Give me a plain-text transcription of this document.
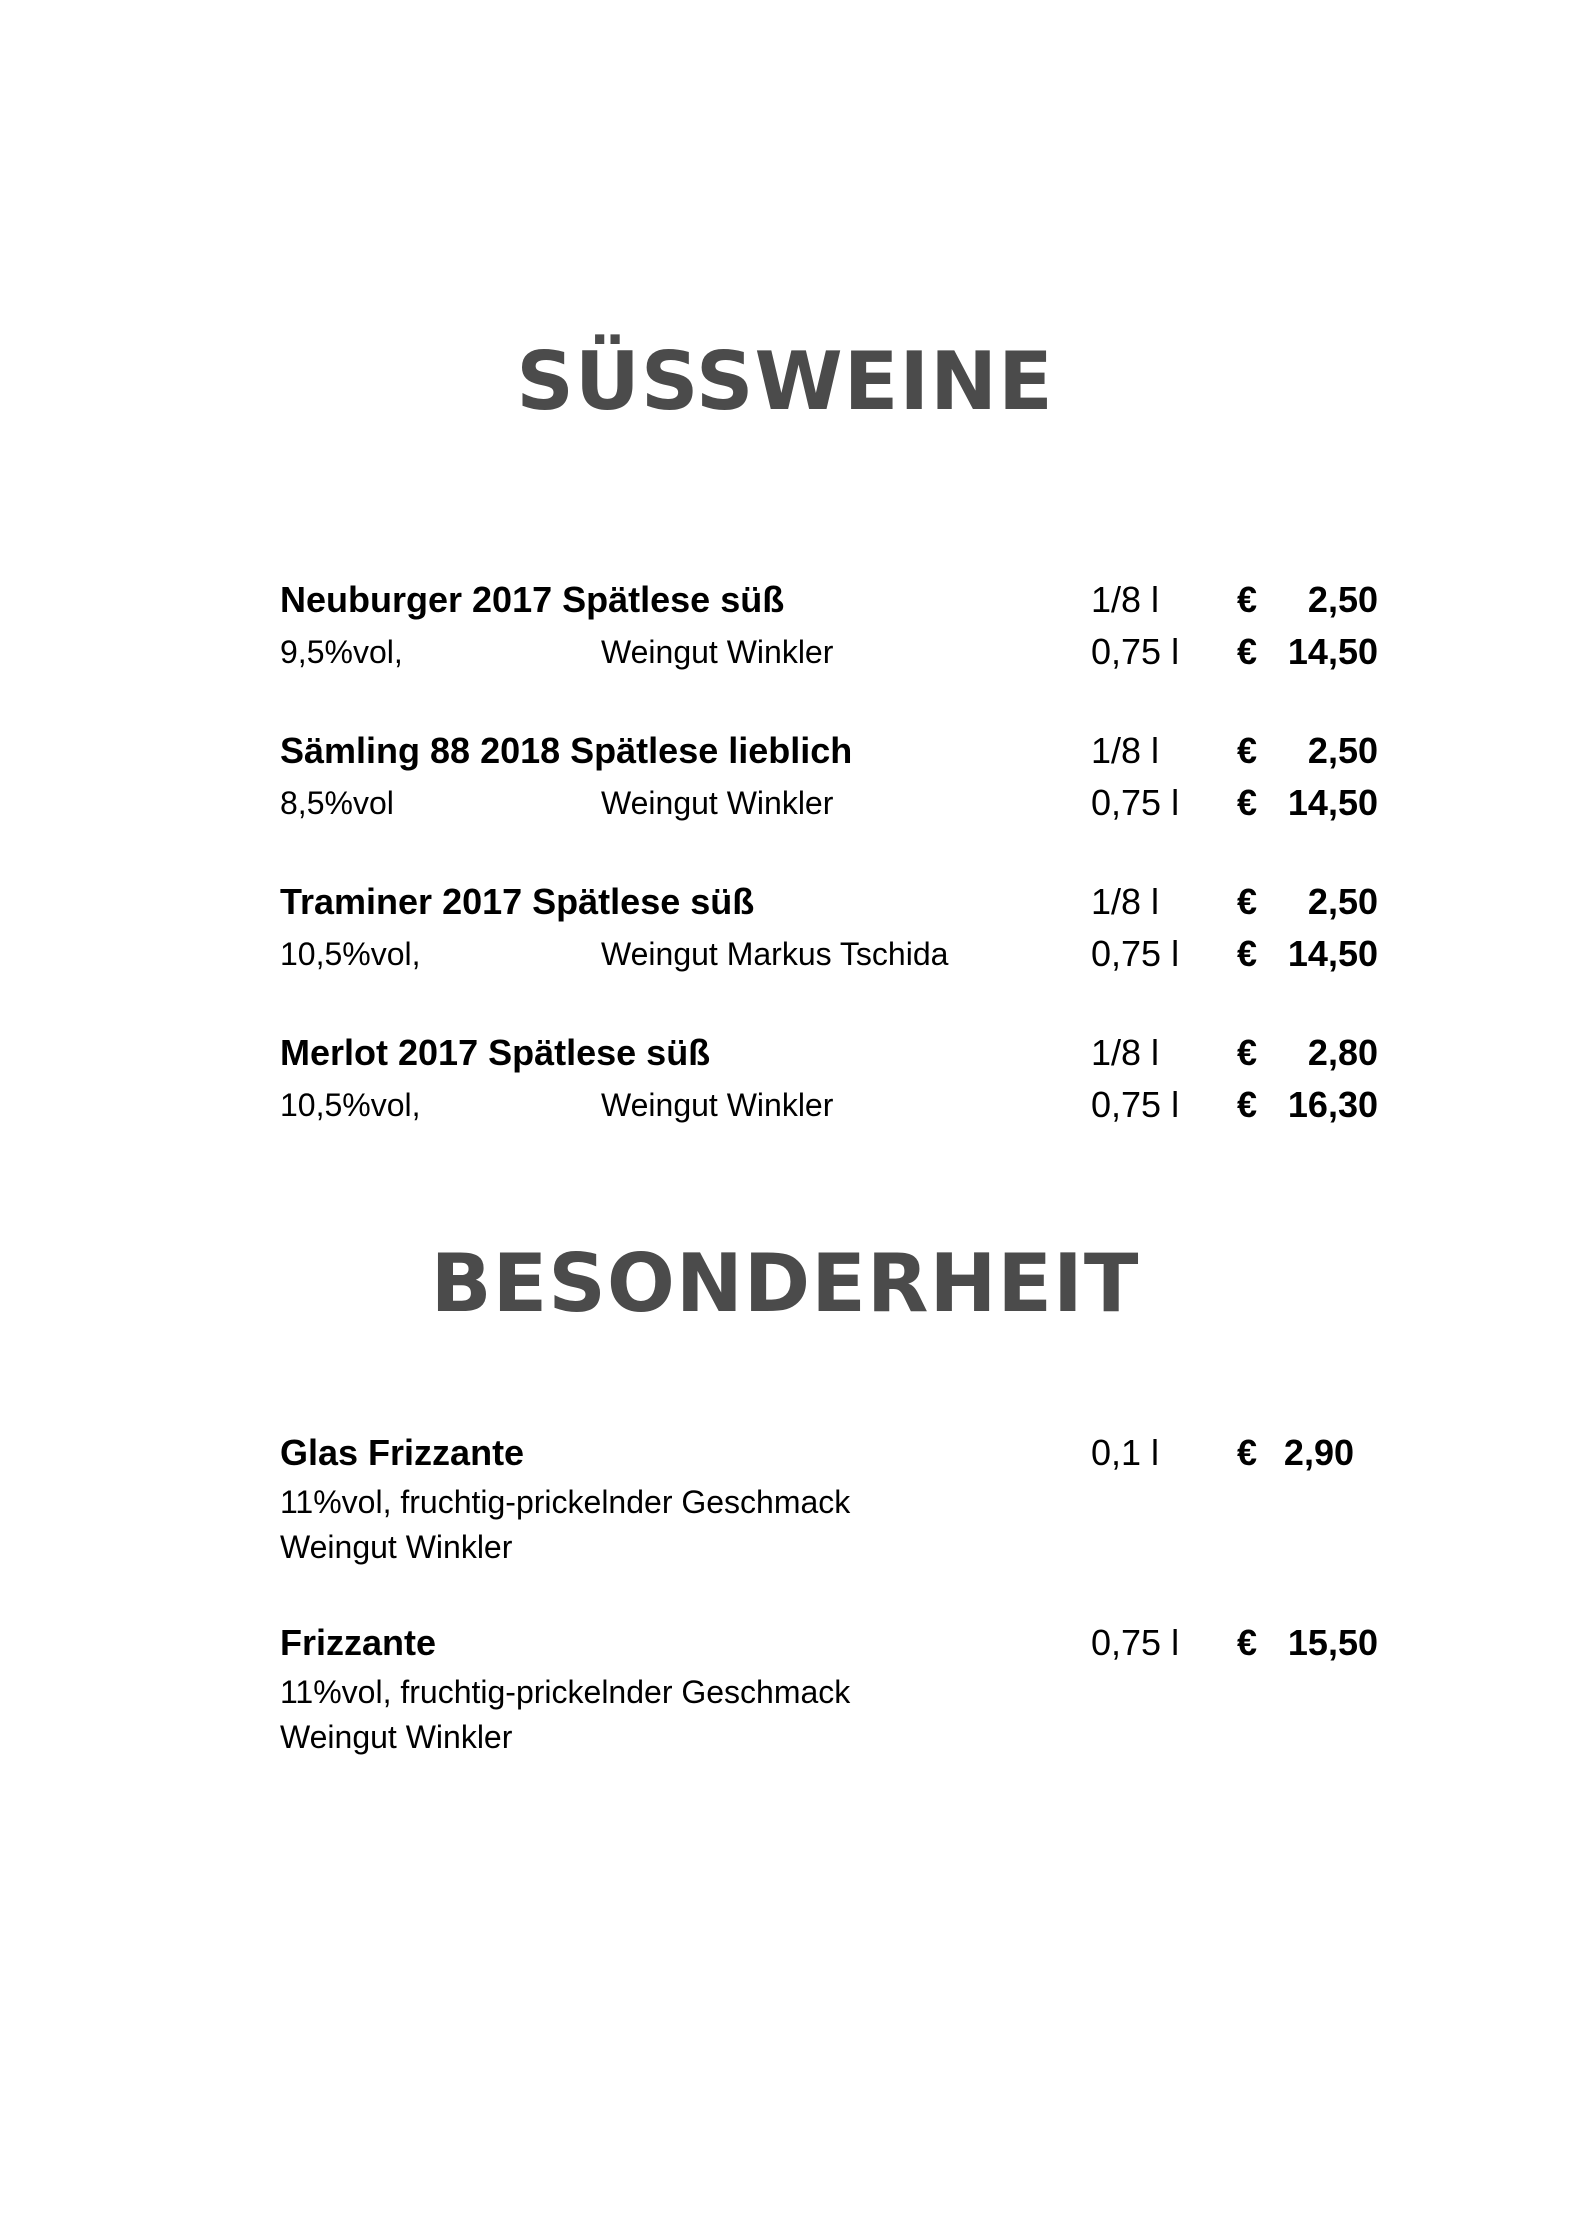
SÜSSWEINE
Neuburger 2017 Spätlese süß	1/8 l € 2,50
9,5%vol,	Weingut Winkler	0,75 l € 14,50
Sämling 88 2018 Spätlese lieblich	1/8 l € 2,50
8,5%vol	Weingut Winkler	0,75 l € 14,50
Traminer 2017 Spätlese süß	1/8 l € 2,50
10,5%vol,	Weingut Markus Tschida	0,75 l € 14,50
Merlot 2017 Spätlese süß	1/8 l € 2,80
10,5%vol,	Weingut Winkler	0,75 l € 16,30
BESONDERHEIT
Glas Frizzante	0,1 l € 2,90
11%vol, fruchtig-prickelnder Geschmack
Weingut Winkler
Frizzante	0,75 l € 15,50
11%vol, fruchtig-prickelnder Geschmack
Weingut Winkler
